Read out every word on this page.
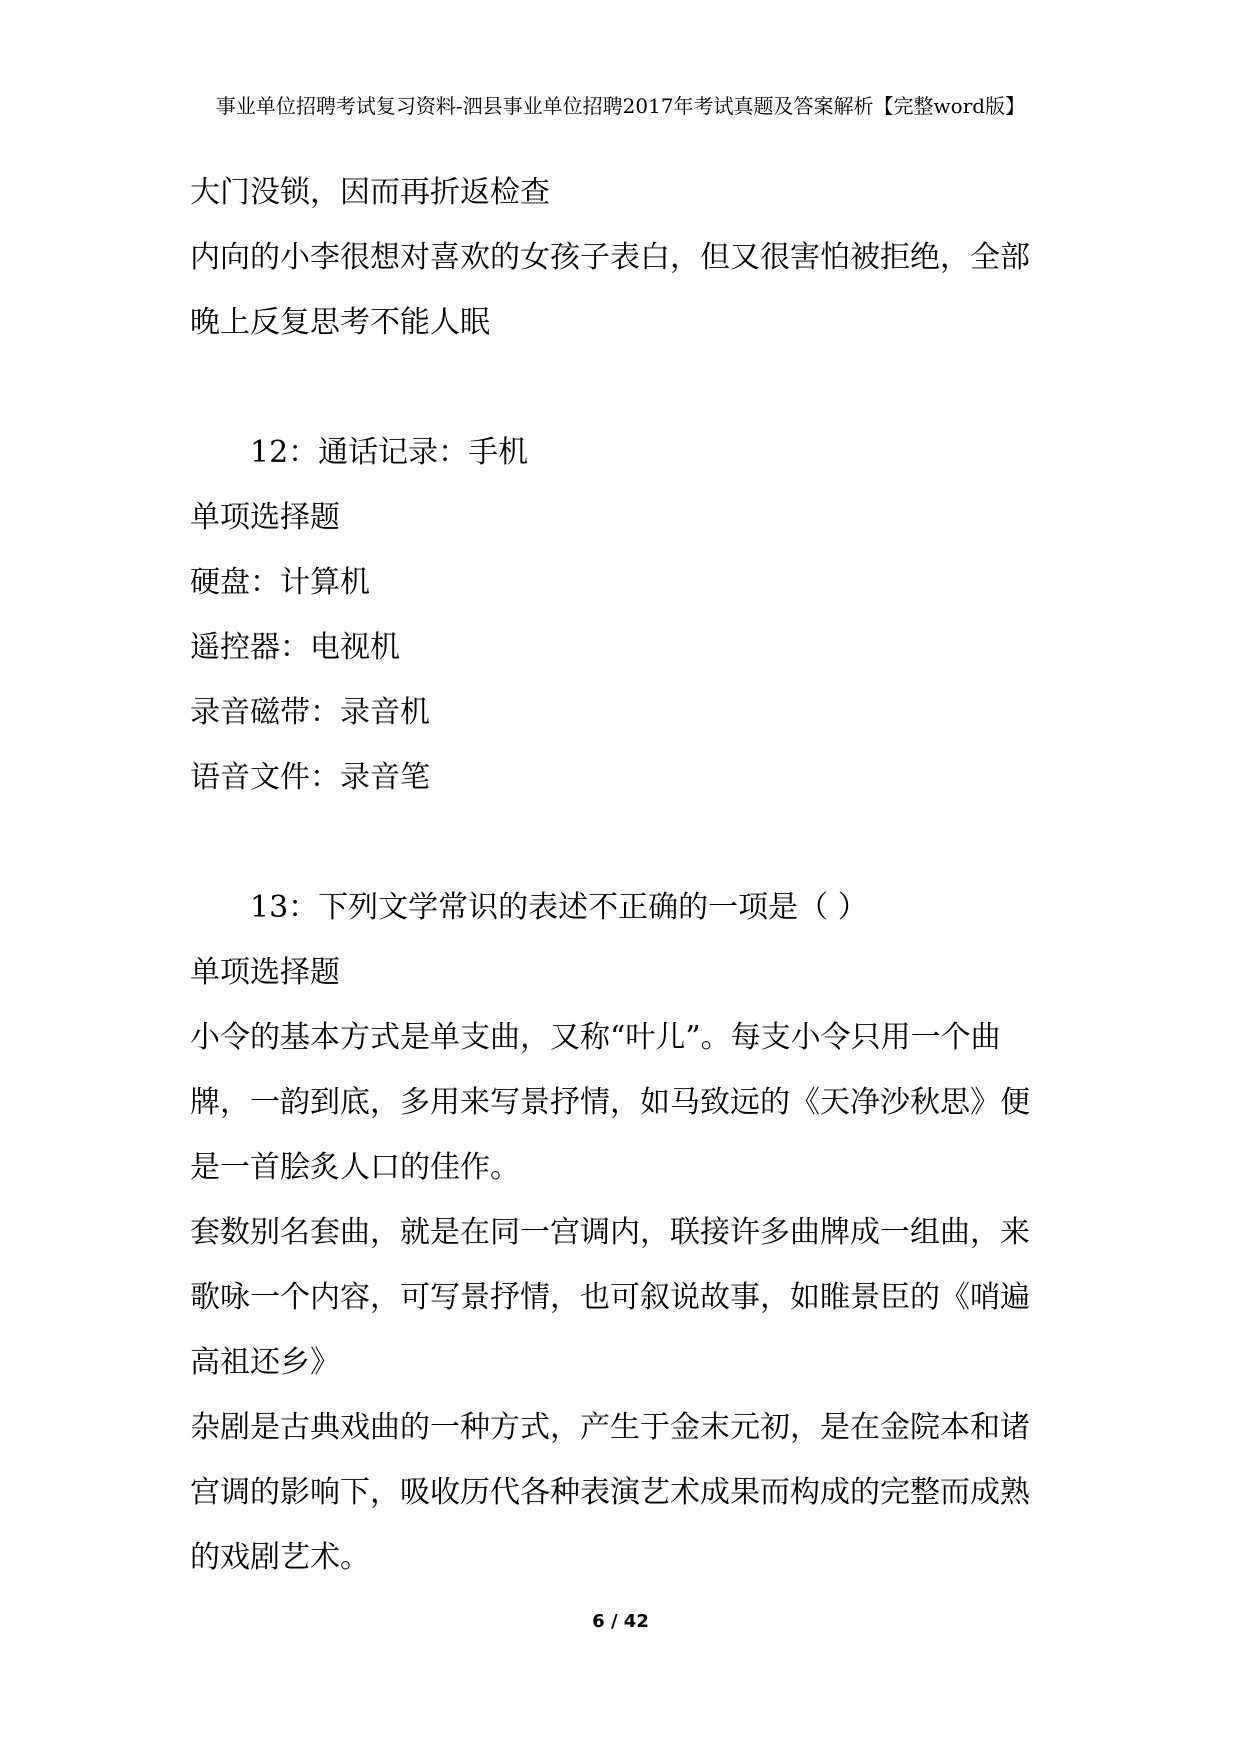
事业单位招聘考试复习资料-泗县事业单位招聘2017年考试真题及答案解析【完整word版】
大门没锁，因而再折返检查
内向的小李很想对喜欢的女孩子表白，但又很害怕被拒绝，全部
晚上反复思考不能人眠
12：通话记录：手机
单项选择题
硬盘：计算机
遥控器：电视机
录音磁带：录音机
语音文件：录音笔
13：下列文学常识的表述不正确的一项是（ ）
单项选择题
小令的基本方式是单支曲，又称“叶儿”。每支小令只用一个曲
牌，一韵到底，多用来写景抒情，如马致远的《天净沙秋思》便
是一首脍炙人口的佳作。
套数别名套曲，就是在同一宫调内，联接许多曲牌成一组曲，来
歌咏一个内容，可写景抒情，也可叙说故事，如睢景臣的《哨遍
高祖还乡》
杂剧是古典戏曲的一种方式，产生于金末元初，是在金院本和诸
宫调的影响下，吸收历代各种表演艺术成果而构成的完整而成熟
的戏剧艺术。
6 / 42
